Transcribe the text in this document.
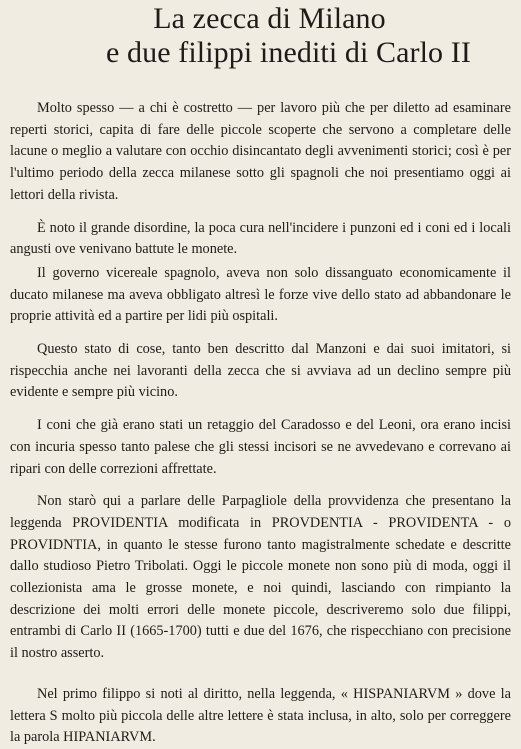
La zecca di Milano
e due filippi inediti di Carlo II

Molto spesso — a chi è costretto — per lavoro più che per diletto ad esaminare reperti storici, capita di fare delle piccole scoperte che servono a completare delle lacune o meglio a valutare con occhio disincantato degli avvenimenti storici; così è per l'ultimo periodo della zecca milanese sotto gli spagnoli che noi presentiamo oggi ai lettori della rivista.

È noto il grande disordine, la poca cura nell'incidere i punzoni ed i coni ed i locali angusti ove venivano battute le monete.

Il governo vicereale spagnolo, aveva non solo dissanguato economicamente il ducato milanese ma aveva obbligato altresì le forze vive dello stato ad abbandonare le proprie attività ed a partire per lidi più ospitali.

Questo stato di cose, tanto ben descritto dal Manzoni e dai suoi imitatori, si rispecchia anche nei lavoranti della zecca che si avviava ad un declino sempre più evidente e sempre più vicino.

I coni che già erano stati un retaggio del Caradosso e del Leoni, ora erano incisi con incuria spesso tanto palese che gli stessi incisori se ne avvedevano e correvano ai ripari con delle correzioni affrettate.

Non starò qui a parlare delle Parpagliole della provvidenza che presentano la leggenda PROVIDENTIA modificata in PROVDENTIA - PROVIDENTA - o PROVIDNTIA, in quanto le stesse furono tanto magistralmente schedate e descritte dallo studioso Pietro Tribolati. Oggi le piccole monete non sono più di moda, oggi il collezionista ama le grosse monete, e noi quindi, lasciando con rimpianto la descrizione dei molti errori delle monete piccole, descriveremo solo due filippi, entrambi di Carlo II (1665-1700) tutti e due del 1676, che rispecchiano con precisione il nostro asserto.

Nel primo filippo si noti al diritto, nella leggenda, « HISPANIARVM » dove la lettera S molto più piccola delle altre lettere è stata inclusa, in alto, solo per correggere la parola HIPANIARVM.
